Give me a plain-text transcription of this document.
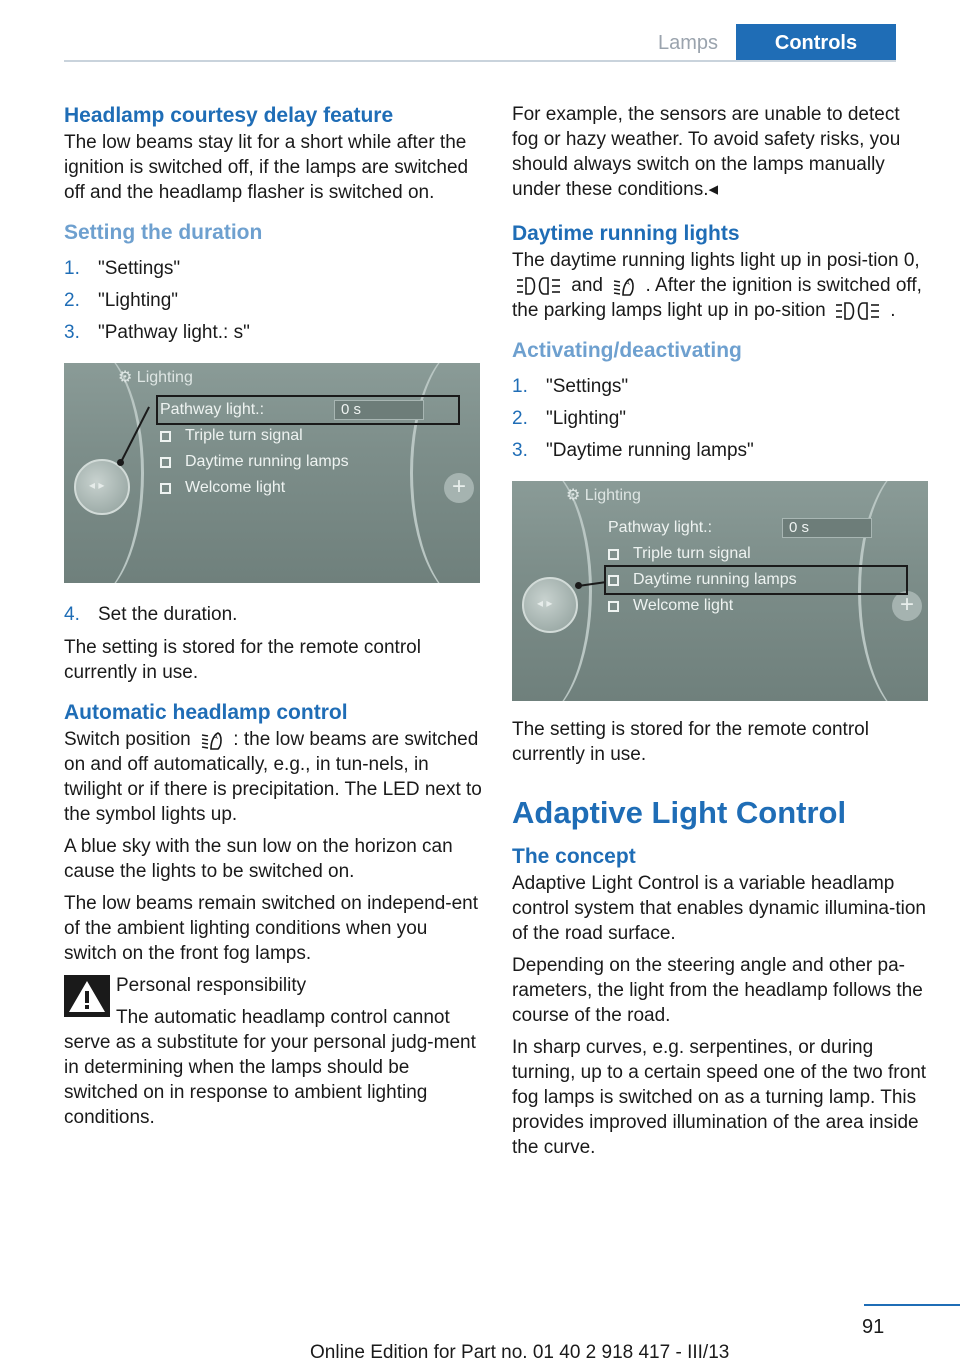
Lamps	Controls
Headlamp courtesy delay feature

The low beams stay lit for a short while after the ignition is switched off, if the lamps are switched off and the headlamp flasher is switched on.

Setting the duration
1. "Settings"
2. "Lighting"
3. "Pathway light.: s"
◂ ▸
+
⚙ Lighting
Pathway light.:	0 s
Triple turn signal
Daytime running lamps
Welcome light
4. Set the duration.

The setting is stored for the remote control currently in use.

Automatic headlamp control

Switch position	A : the low beams are switched on and off automatically, e.g., in tun-nels, in twilight or if there is precipitation. The LED next to the symbol lights up.

A blue sky with the sun low on the horizon can cause the lights to be switched on.

The low beams remain switched on independ-ent of the ambient lighting conditions when you switch on the front fog lamps.

Personal responsibility

The automatic headlamp control cannot serve as a substitute for your personal judg-ment in determining when the lamps should be switched on in response to ambient lighting conditions.

For example, the sensors are unable to detect fog or hazy weather. To avoid safety risks, you should always switch on the lamps manually under these conditions.◂

Daytime running lights

The daytime running lights light up in posi-tion 0,  and	A . After the ignition is switched off, the parking lamps light up in po-sition	.

Activating/deactivating
1. "Settings"
2. "Lighting"
3. "Daytime running lamps"
◂ ▸
+
⚙ Lighting
Pathway light.:	0 s
Triple turn signal
Daytime running lamps
Welcome light

The setting is stored for the remote control currently in use.

Adaptive Light Control
The concept

Adaptive Light Control is a variable headlamp control system that enables dynamic illumina-tion of the road surface.

Depending on the steering angle and other pa-rameters, the light from the headlamp follows the course of the road.

In sharp curves, e.g. serpentines, or during turning, up to a certain speed one of the two front fog lamps is switched on as a turning lamp. This provides improved illumination of the area inside the curve.

91
Online Edition for Part no. 01 40 2 918 417 - III/13
